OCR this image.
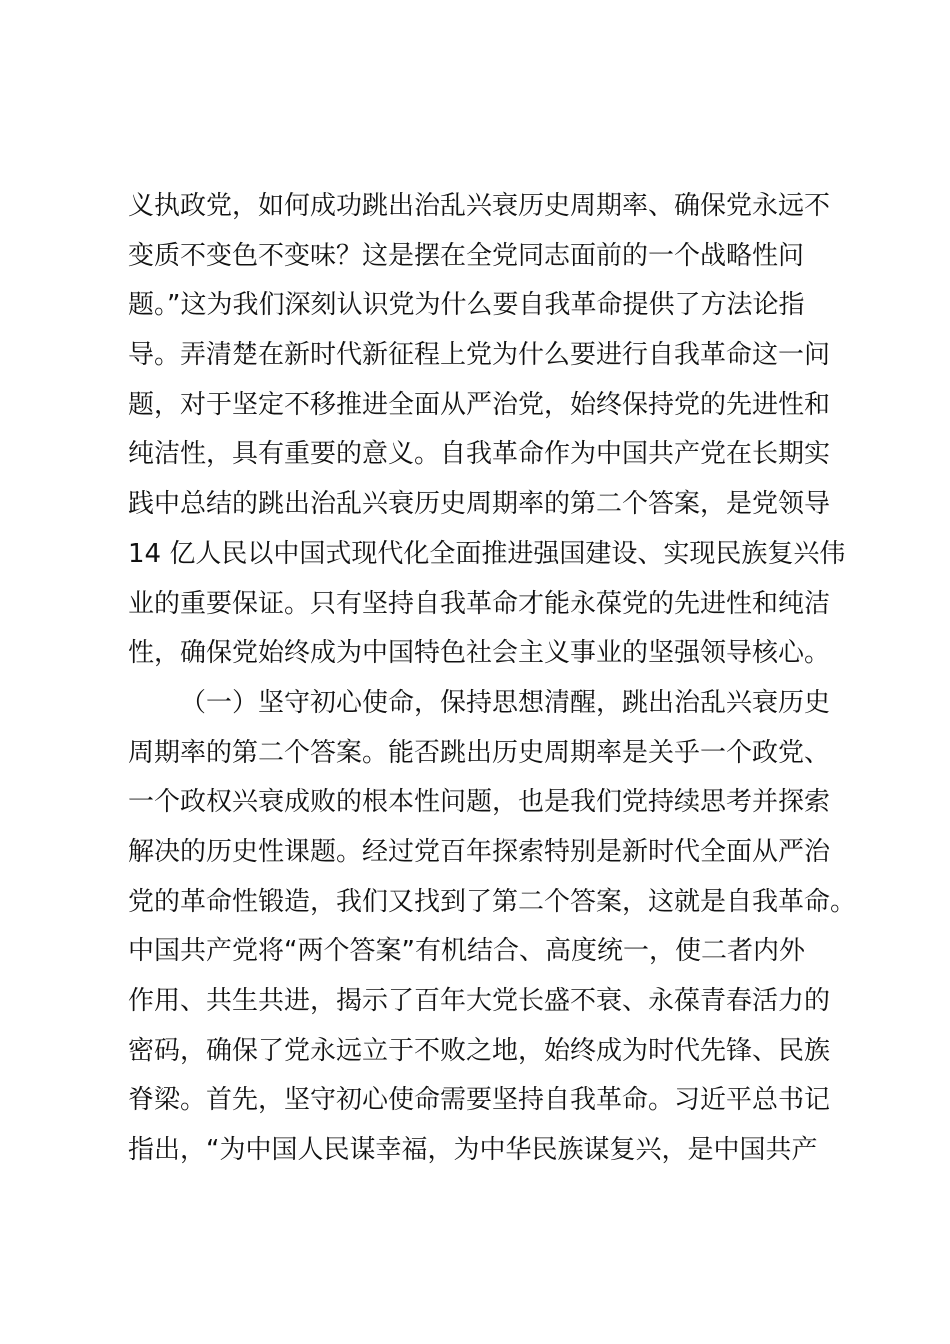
义执政党，如何成功跳出治乱兴衰历史周期率、确保党永远不
变质不变色不变味？这是摆在全党同志面前的一个战略性问
题。”这为我们深刻认识党为什么要自我革命提供了方法论指
导。弄清楚在新时代新征程上党为什么要进行自我革命这一问
题，对于坚定不移推进全面从严治党，始终保持党的先进性和
纯洁性，具有重要的意义。自我革命作为中国共产党在长期实
践中总结的跳出治乱兴衰历史周期率的第二个答案，是党领导
14 亿人民以中国式现代化全面推进强国建设、实现民族复兴伟
业的重要保证。只有坚持自我革命才能永葆党的先进性和纯洁
性，确保党始终成为中国特色社会主义事业的坚强领导核心。
（一）坚守初心使命，保持思想清醒，跳出治乱兴衰历史
周期率的第二个答案。能否跳出历史周期率是关乎一个政党、
一个政权兴衰成败的根本性问题，也是我们党持续思考并探索
解决的历史性课题。经过党百年探索特别是新时代全面从严治
党的革命性锻造，我们又找到了第二个答案，这就是自我革命。
中国共产党将“两个答案”有机结合、高度统一，使二者内外
作用、共生共进，揭示了百年大党长盛不衰、永葆青春活力的
密码，确保了党永远立于不败之地，始终成为时代先锋、民族
脊梁。首先，坚守初心使命需要坚持自我革命。习近平总书记
指出，“为中国人民谋幸福，为中华民族谋复兴，是中国共产
